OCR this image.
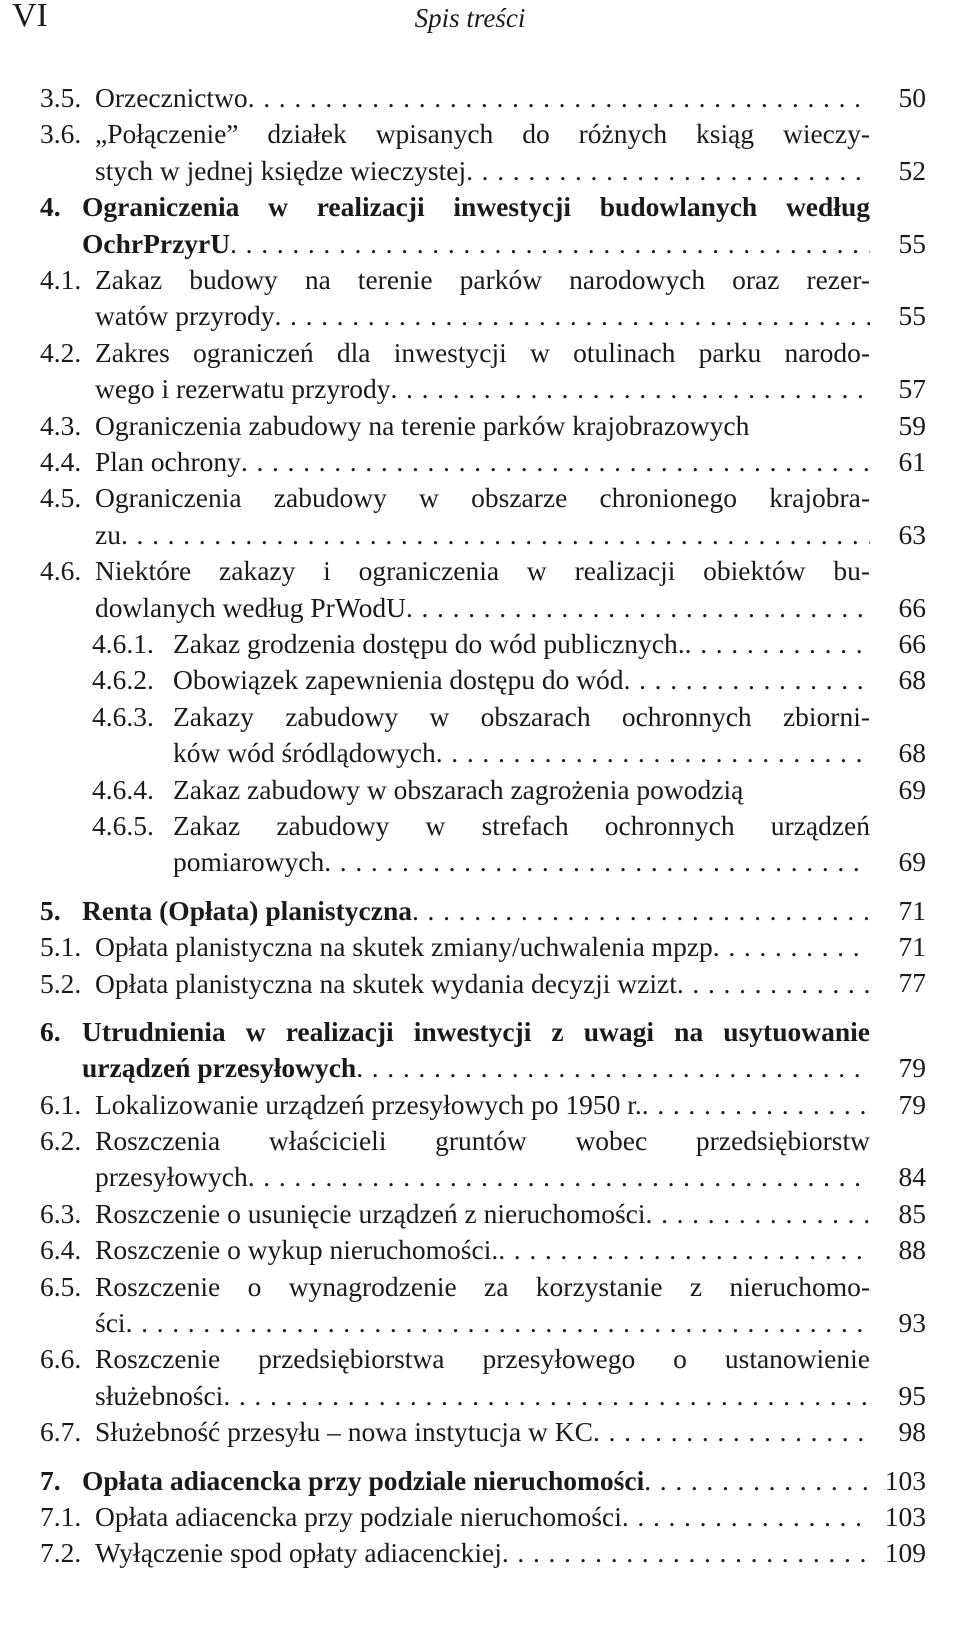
VI	Spis treści
3.5. Orzecznictwo . . .	50
3.6. „Połączenie” działek wpisanych do różnych ksiąg wieczy-
stych w jednej księdze wieczystej . . .	52
4. Ograniczenia w realizacji inwestycji budowlanych według
OchrPrzyrU . . .	55
4.1. Zakaz budowy na terenie parków narodowych oraz rezer-
watów przyrody . . .	55
4.2. Zakres ograniczeń dla inwestycji w otulinach parku narodo-
wego i rezerwatu przyrody . . .	57
4.3. Ograniczenia zabudowy na terenie parków krajobrazowych	59
4.4. Plan ochrony . . .	61
4.5. Ograniczenia zabudowy w obszarze chronionego krajobra-
zu . . .	63
4.6. Niektóre zakazy i ograniczenia w realizacji obiektów bu-
dowlanych według PrWodU . . .	66
4.6.1. Zakaz grodzenia dostępu do wód publicznych. . . .	66
4.6.2. Obowiązek zapewnienia dostępu do wód . . .	68
4.6.3. Zakazy zabudowy w obszarach ochronnych zbiorni-
ków wód śródlądowych . . .	68
4.6.4. Zakaz zabudowy w obszarach zagrożenia powodzią	69
4.6.5. Zakaz zabudowy w strefach ochronnych urządzeń
pomiarowych . . .	69
5. Renta (Opłata) planistyczna . . .	71
5.1. Opłata planistyczna na skutek zmiany/uchwalenia mpzp . . .	71
5.2. Opłata planistyczna na skutek wydania decyzji wzizt . . .	77
6. Utrudnienia w realizacji inwestycji z uwagi na usytuowanie
urządzeń przesyłowych . . .	79
6.1. Lokalizowanie urządzeń przesyłowych po 1950 r. . . .	79
6.2. Roszczenia właścicieli gruntów wobec przedsiębiorstw
przesyłowych . . .	84
6.3. Roszczenie o usunięcie urządzeń z nieruchomości . . .	85
6.4. Roszczenie o wykup nieruchomości. . . .	88
6.5. Roszczenie o wynagrodzenie za korzystanie z nieruchomo-
ści . . .	93
6.6. Roszczenie przedsiębiorstwa przesyłowego o ustanowienie
służebności . . .	95
6.7. Służebność przesyłu – nowa instytucja w KC . . .	98
7. Opłata adiacencka przy podziale nieruchomości . . .	103
7.1. Opłata adiacencka przy podziale nieruchomości . . .	103
7.2. Wyłączenie spod opłaty adiacenckiej . . .	109
